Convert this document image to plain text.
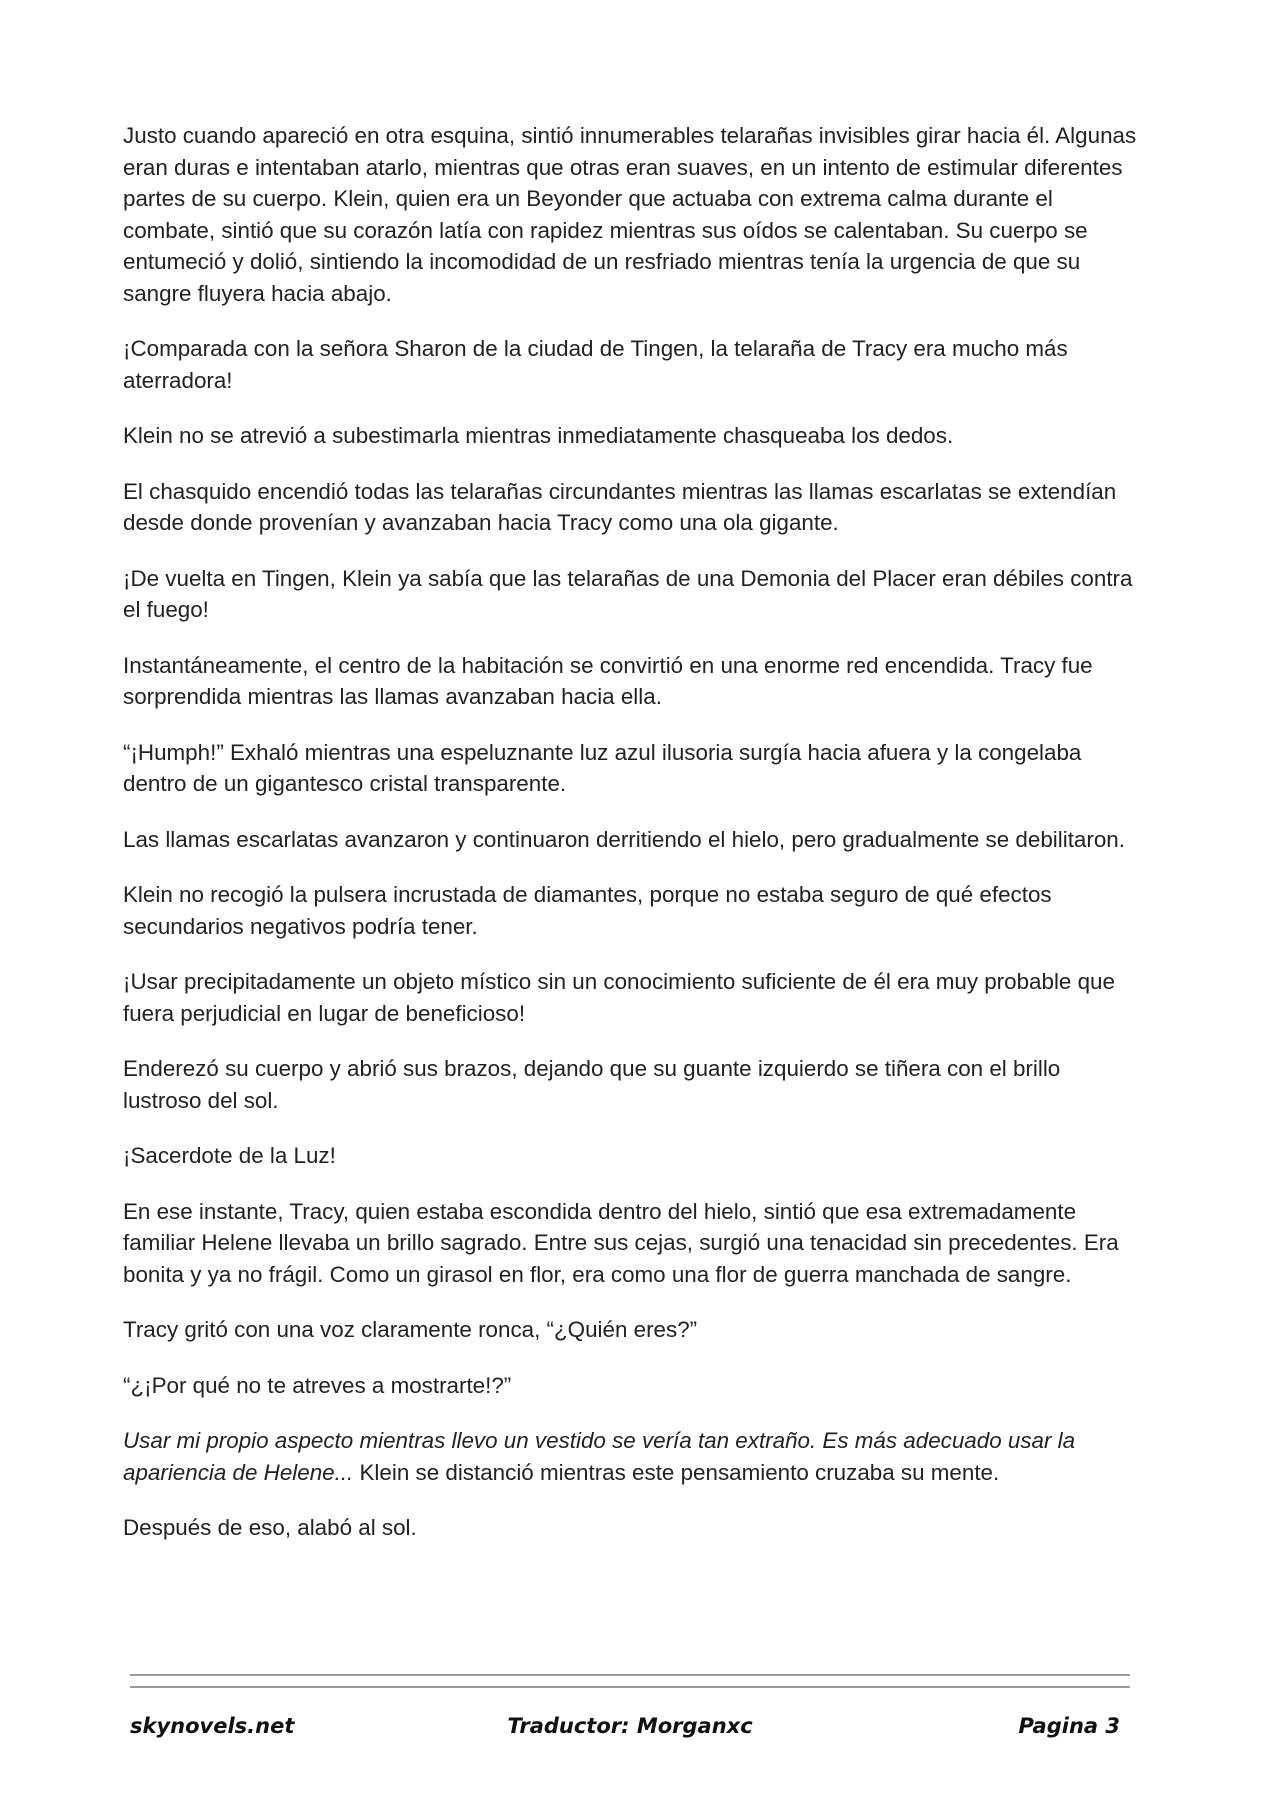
Justo cuando apareció en otra esquina, sintió innumerables telarañas invisibles girar hacia él. Algunas eran duras e intentaban atarlo, mientras que otras eran suaves, en un intento de estimular diferentes partes de su cuerpo. Klein, quien era un Beyonder que actuaba con extrema calma durante el combate, sintió que su corazón latía con rapidez mientras sus oídos se calentaban. Su cuerpo se entumeció y dolió, sintiendo la incomodidad de un resfriado mientras tenía la urgencia de que su sangre fluyera hacia abajo.

¡Comparada con la señora Sharon de la ciudad de Tingen, la telaraña de Tracy era mucho más aterradora!

Klein no se atrevió a subestimarla mientras inmediatamente chasqueaba los dedos.

El chasquido encendió todas las telarañas circundantes mientras las llamas escarlatas se extendían desde donde provenían y avanzaban hacia Tracy como una ola gigante.

¡De vuelta en Tingen, Klein ya sabía que las telarañas de una Demonia del Placer eran débiles contra el fuego!

Instantáneamente, el centro de la habitación se convirtió en una enorme red encendida. Tracy fue sorprendida mientras las llamas avanzaban hacia ella.

“¡Humph!” Exhaló mientras una espeluznante luz azul ilusoria surgía hacia afuera y la congelaba dentro de un gigantesco cristal transparente.

Las llamas escarlatas avanzaron y continuaron derritiendo el hielo, pero gradualmente se debilitaron.

Klein no recogió la pulsera incrustada de diamantes, porque no estaba seguro de qué efectos secundarios negativos podría tener.

¡Usar precipitadamente un objeto místico sin un conocimiento suficiente de él era muy probable que fuera perjudicial en lugar de beneficioso!

Enderezó su cuerpo y abrió sus brazos, dejando que su guante izquierdo se tiñera con el brillo lustroso del sol.

¡Sacerdote de la Luz!

En ese instante, Tracy, quien estaba escondida dentro del hielo, sintió que esa extremadamente familiar Helene llevaba un brillo sagrado. Entre sus cejas, surgió una tenacidad sin precedentes. Era bonita y ya no frágil. Como un girasol en flor, era como una flor de guerra manchada de sangre.

Tracy gritó con una voz claramente ronca, “¿Quién eres?”

“¿¡Por qué no te atreves a mostrarte!?”

Usar mi propio aspecto mientras llevo un vestido se vería tan extraño. Es más adecuado usar la apariencia de Helene... Klein se distanció mientras este pensamiento cruzaba su mente.

Después de eso, alabó al sol.

skynovels.net	Traductor: Morganxc	Pagina 3
